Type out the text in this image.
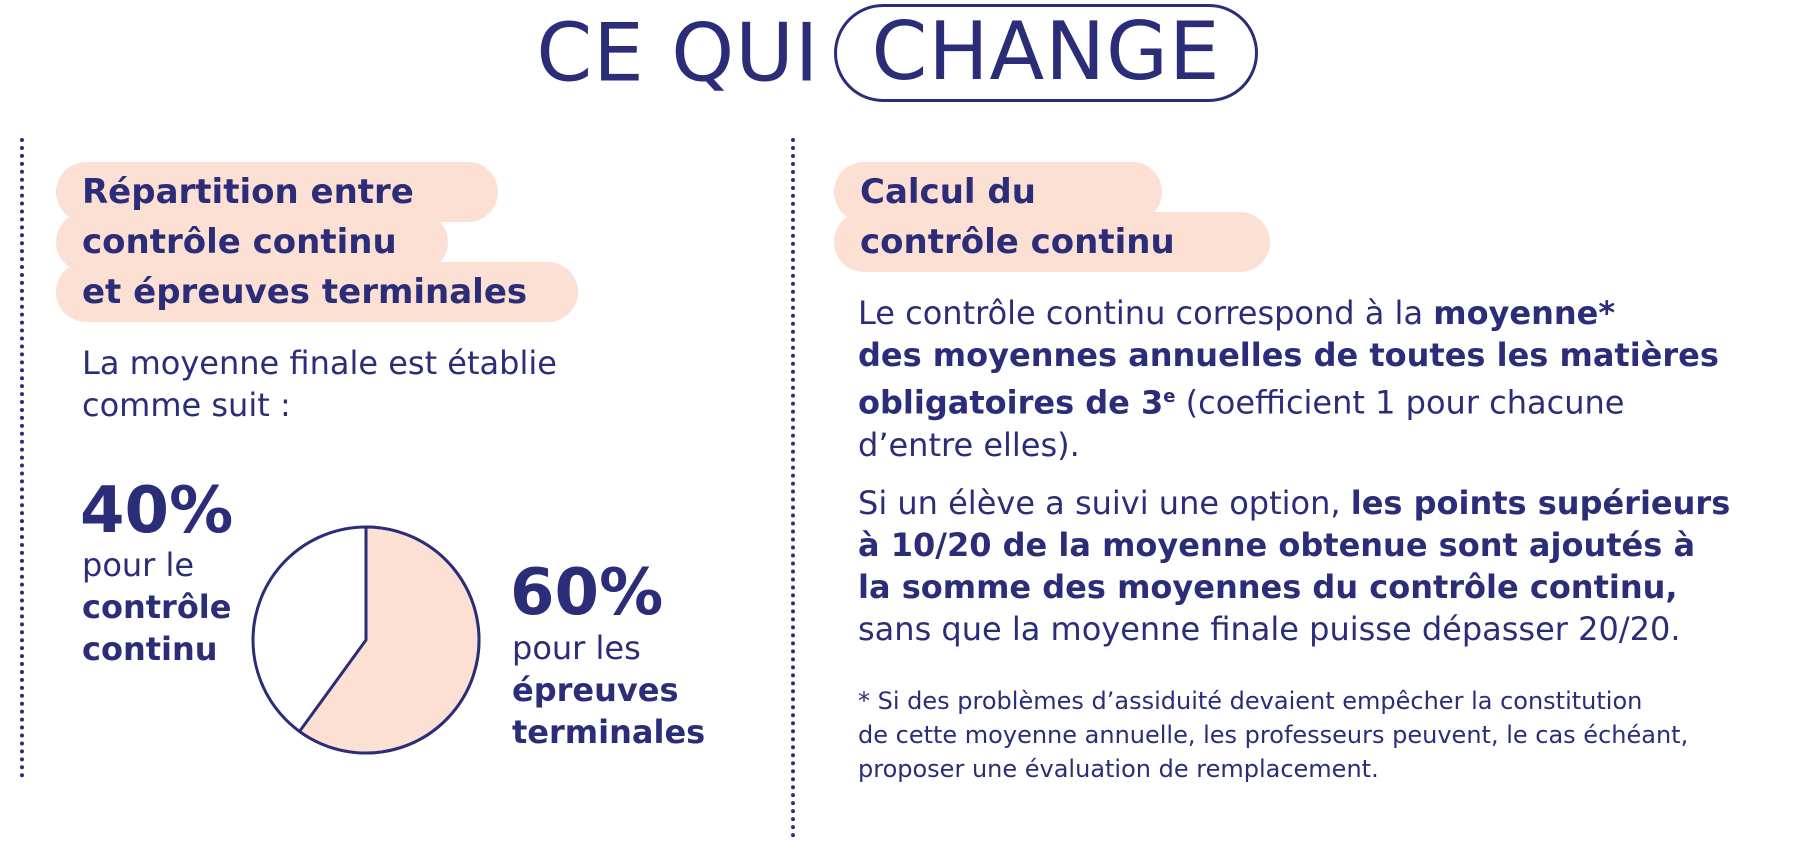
CE QUI CHANGE
Répartition entre
contrôle continu
et épreuves terminales
La moyenne finale est établie
comme suit :
40%
pour le
contrôle
continu
60%
pour les
épreuves
terminales
Calcul du
contrôle continu
Le contrôle continu correspond à la moyenne*
des moyennes annuelles de toutes les matières
obligatoires de 3e (coefficient 1 pour chacune
d’entre elles).
Si un élève a suivi une option, les points supérieurs
à 10/20 de la moyenne obtenue sont ajoutés à
la somme des moyennes du contrôle continu,
sans que la moyenne finale puisse dépasser 20/20.
* Si des problèmes d’assiduité devaient empêcher la constitution
de cette moyenne annuelle, les professeurs peuvent, le cas échéant,
proposer une évaluation de remplacement.
